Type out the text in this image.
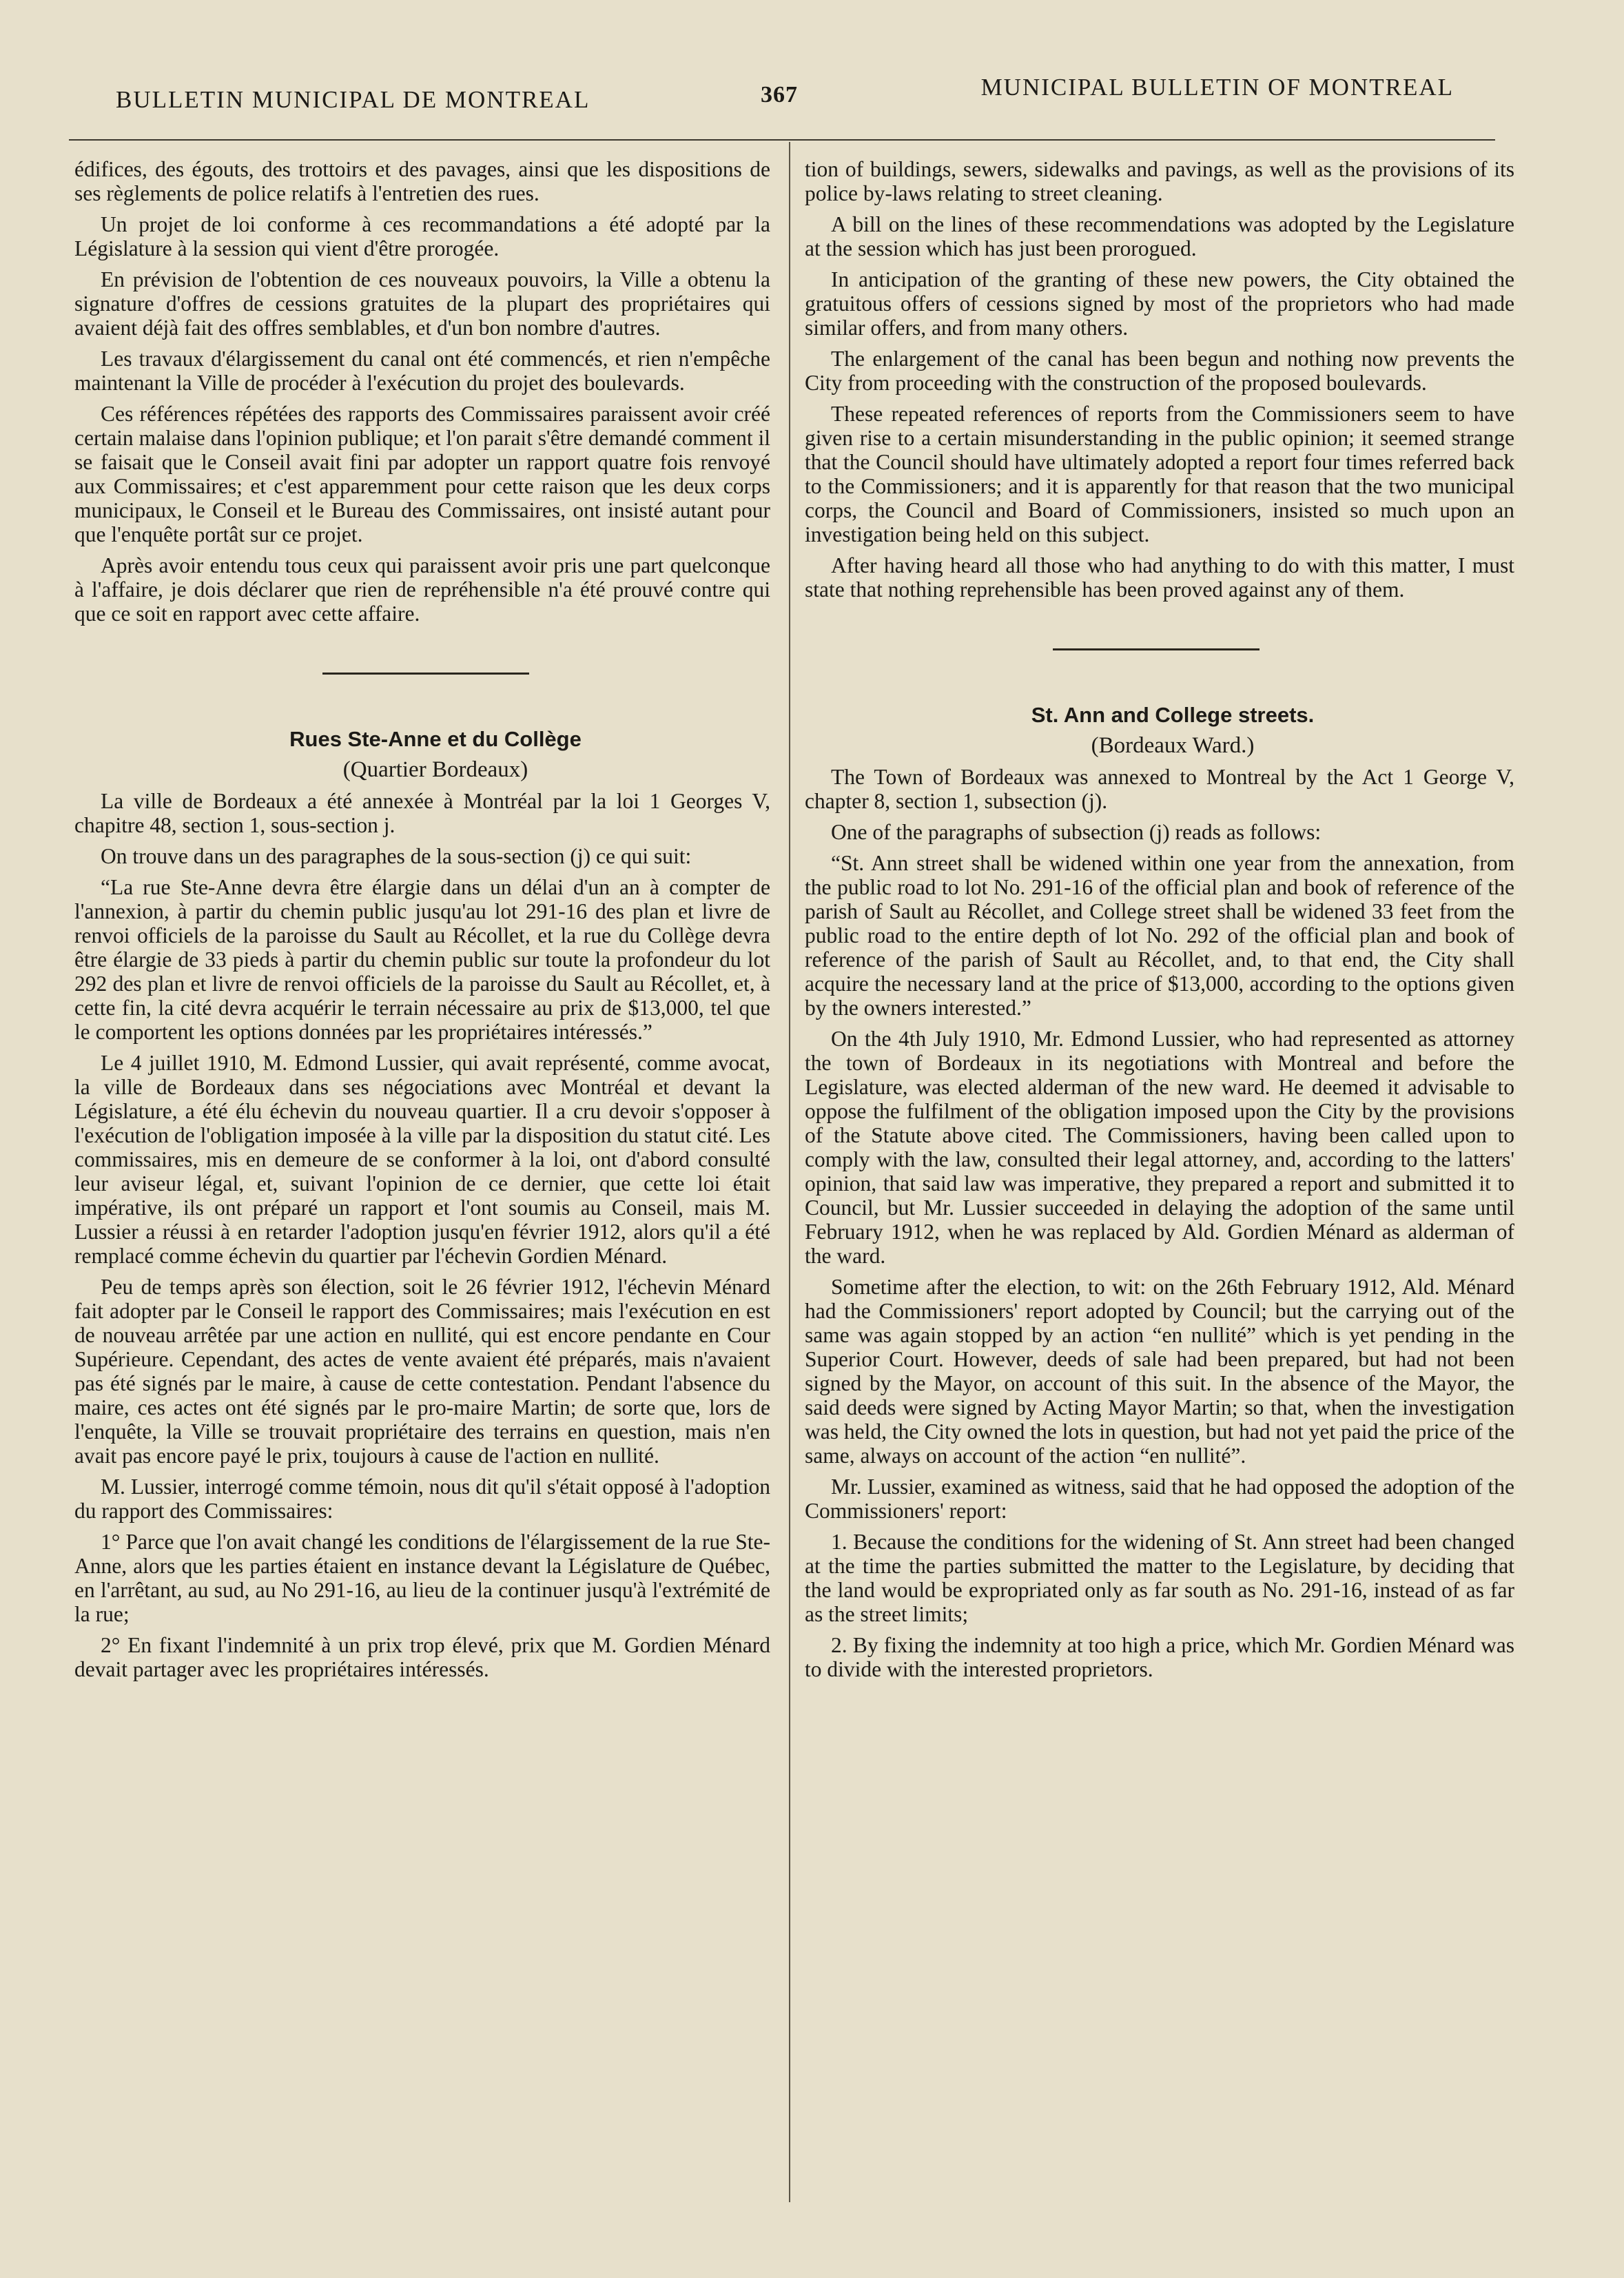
BULLETIN MUNICIPAL DE MONTREAL	367	MUNICIPAL BULLETIN OF MONTREAL

édifices, des égouts, des trottoirs et des pavages, ainsi que les dispositions de ses règlements de police relatifs à l'entretien des rues.

Un projet de loi conforme à ces recommandations a été adopté par la Législature à la session qui vient d'être prorogée.

En prévision de l'obtention de ces nouveaux pouvoirs, la Ville a obtenu la signature d'offres de cessions gratuites de la plupart des propriétaires qui avaient déjà fait des offres semblables, et d'un bon nombre d'autres.

Les travaux d'élargissement du canal ont été commencés, et rien n'empêche maintenant la Ville de procéder à l'exécution du projet des boulevards.

Ces références répétées des rapports des Commissaires paraissent avoir créé certain malaise dans l'opinion publique; et l'on parait s'être demandé comment il se faisait que le Conseil avait fini par adopter un rapport quatre fois renvoyé aux Commissaires; et c'est apparemment pour cette raison que les deux corps municipaux, le Conseil et le Bureau des Commissaires, ont insisté autant pour que l'enquête portât sur ce projet.

Après avoir entendu tous ceux qui paraissent avoir pris une part quelconque à l'affaire, je dois déclarer que rien de repréhensible n'a été prouvé contre qui que ce soit en rapport avec cette affaire.

Rues Ste-Anne et du Collège

(Quartier Bordeaux)

La ville de Bordeaux a été annexée à Montréal par la loi 1 Georges V, chapitre 48, section 1, sous-section j.

On trouve dans un des paragraphes de la sous-section (j) ce qui suit:

“La rue Ste-Anne devra être élargie dans un délai d'un an à compter de l'annexion, à partir du chemin public jusqu'au lot 291-16 des plan et livre de renvoi officiels de la paroisse du Sault au Récollet, et la rue du Collège devra être élargie de 33 pieds à partir du chemin public sur toute la profondeur du lot 292 des plan et livre de renvoi officiels de la paroisse du Sault au Récollet, et, à cette fin, la cité devra acquérir le terrain nécessaire au prix de $13,000, tel que le comportent les options données par les propriétaires intéressés.”

Le 4 juillet 1910, M. Edmond Lussier, qui avait représenté, comme avocat, la ville de Bordeaux dans ses négociations avec Montréal et devant la Législature, a été élu échevin du nouveau quartier. Il a cru devoir s'opposer à l'exécution de l'obligation imposée à la ville par la disposition du statut cité. Les commissaires, mis en demeure de se conformer à la loi, ont d'abord consulté leur aviseur légal, et, suivant l'opinion de ce dernier, que cette loi était impérative, ils ont préparé un rapport et l'ont soumis au Conseil, mais M. Lussier a réussi à en retarder l'adoption jusqu'en février 1912, alors qu'il a été remplacé comme échevin du quartier par l'échevin Gordien Ménard.

Peu de temps après son élection, soit le 26 février 1912, l'échevin Ménard fait adopter par le Conseil le rapport des Commissaires; mais l'exécution en est de nouveau arrêtée par une action en nullité, qui est encore pendante en Cour Supérieure. Cependant, des actes de vente avaient été préparés, mais n'avaient pas été signés par le maire, à cause de cette contestation. Pendant l'absence du maire, ces actes ont été signés par le pro-maire Martin; de sorte que, lors de l'enquête, la Ville se trouvait propriétaire des terrains en question, mais n'en avait pas encore payé le prix, toujours à cause de l'action en nullité.

M. Lussier, interrogé comme témoin, nous dit qu'il s'était opposé à l'adoption du rapport des Commissaires:

1° Parce que l'on avait changé les conditions de l'élargissement de la rue Ste-Anne, alors que les parties étaient en instance devant la Législature de Québec, en l'arrêtant, au sud, au No 291-16, au lieu de la continuer jusqu'à l'extrémité de la rue;

2° En fixant l'indemnité à un prix trop élevé, prix que M. Gordien Ménard devait partager avec les propriétaires intéressés.

tion of buildings, sewers, sidewalks and pavings, as well as the provisions of its police by-laws relating to street cleaning.

A bill on the lines of these recommendations was adopted by the Legislature at the session which has just been prorogued.

In anticipation of the granting of these new powers, the City obtained the gratuitous offers of cessions signed by most of the proprietors who had made similar offers, and from many others.

The enlargement of the canal has been begun and nothing now prevents the City from proceeding with the construction of the proposed boulevards.

These repeated references of reports from the Commissioners seem to have given rise to a certain misunderstanding in the public opinion; it seemed strange that the Council should have ultimately adopted a report four times referred back to the Commissioners; and it is apparently for that reason that the two municipal corps, the Council and Board of Commissioners, insisted so much upon an investigation being held on this subject.

After having heard all those who had anything to do with this matter, I must state that nothing reprehensible has been proved against any of them.

St. Ann and College streets.

(Bordeaux Ward.)

The Town of Bordeaux was annexed to Montreal by the Act 1 George V, chapter 8, section 1, subsection (j).

One of the paragraphs of subsection (j) reads as follows:

“St. Ann street shall be widened within one year from the annexation, from the public road to lot No. 291-16 of the official plan and book of reference of the parish of Sault au Récollet, and College street shall be widened 33 feet from the public road to the entire depth of lot No. 292 of the official plan and book of reference of the parish of Sault au Récollet, and, to that end, the City shall acquire the necessary land at the price of $13,000, according to the options given by the owners interested.”

On the 4th July 1910, Mr. Edmond Lussier, who had represented as attorney the town of Bordeaux in its negotiations with Montreal and before the Legislature, was elected alderman of the new ward. He deemed it advisable to oppose the fulfilment of the obligation imposed upon the City by the provisions of the Statute above cited. The Commissioners, having been called upon to comply with the law, consulted their legal attorney, and, according to the latters' opinion, that said law was imperative, they prepared a report and submitted it to Council, but Mr. Lussier succeeded in delaying the adoption of the same until February 1912, when he was replaced by Ald. Gordien Ménard as alderman of the ward.

Sometime after the election, to wit: on the 26th February 1912, Ald. Ménard had the Commissioners' report adopted by Council; but the carrying out of the same was again stopped by an action “en nullité” which is yet pending in the Superior Court. However, deeds of sale had been prepared, but had not been signed by the Mayor, on account of this suit. In the absence of the Mayor, the said deeds were signed by Acting Mayor Martin; so that, when the investigation was held, the City owned the lots in question, but had not yet paid the price of the same, always on account of the action “en nullité”.

Mr. Lussier, examined as witness, said that he had opposed the adoption of the Commissioners' report:

1. Because the conditions for the widening of St. Ann street had been changed at the time the parties submitted the matter to the Legislature, by deciding that the land would be expropriated only as far south as No. 291-16, instead of as far as the street limits;

2. By fixing the indemnity at too high a price, which Mr. Gordien Ménard was to divide with the interested proprietors.
